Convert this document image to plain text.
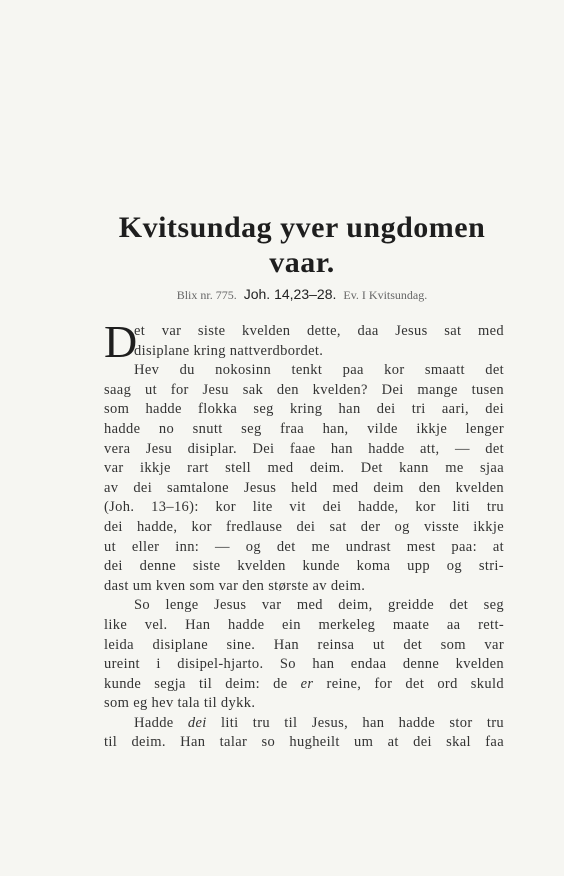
Kvitsundag yver ungdomen
vaar.
Blix nr. 775. Joh. 14,23–28. Ev. I Kvitsundag.
D
et var siste kvelden dette, daa Jesus sat med
disiplane kring nattverdbordet.
Hev du nokosinn tenkt paa kor smaatt det
saag ut for Jesu sak den kvelden? Dei mange tusen
som hadde flokka seg kring han dei tri aari, dei
hadde no snutt seg fraa han, vilde ikkje lenger
vera Jesu disiplar. Dei faae han hadde att, — det
var ikkje rart stell med deim. Det kann me sjaa
av dei samtalone Jesus held med deim den kvelden
(Joh. 13–16): kor lite vit dei hadde, kor liti tru
dei hadde, kor fredlause dei sat der og visste ikkje
ut eller inn: — og det me undrast mest paa: at
dei denne siste kvelden kunde koma upp og stri-
dast um kven som var den største av deim.
So lenge Jesus var med deim, greidde det seg
like vel. Han hadde ein merkeleg maate aa rett-
leida disiplane sine. Han reinsa ut det som var
ureint i disipel-hjarto. So han endaa denne kvelden
kunde segja til deim: de er reine, for det ord skuld
som eg hev tala til dykk.
Hadde dei liti tru til Jesus, han hadde stor tru
til deim. Han talar so hugheilt um at dei skal faa
